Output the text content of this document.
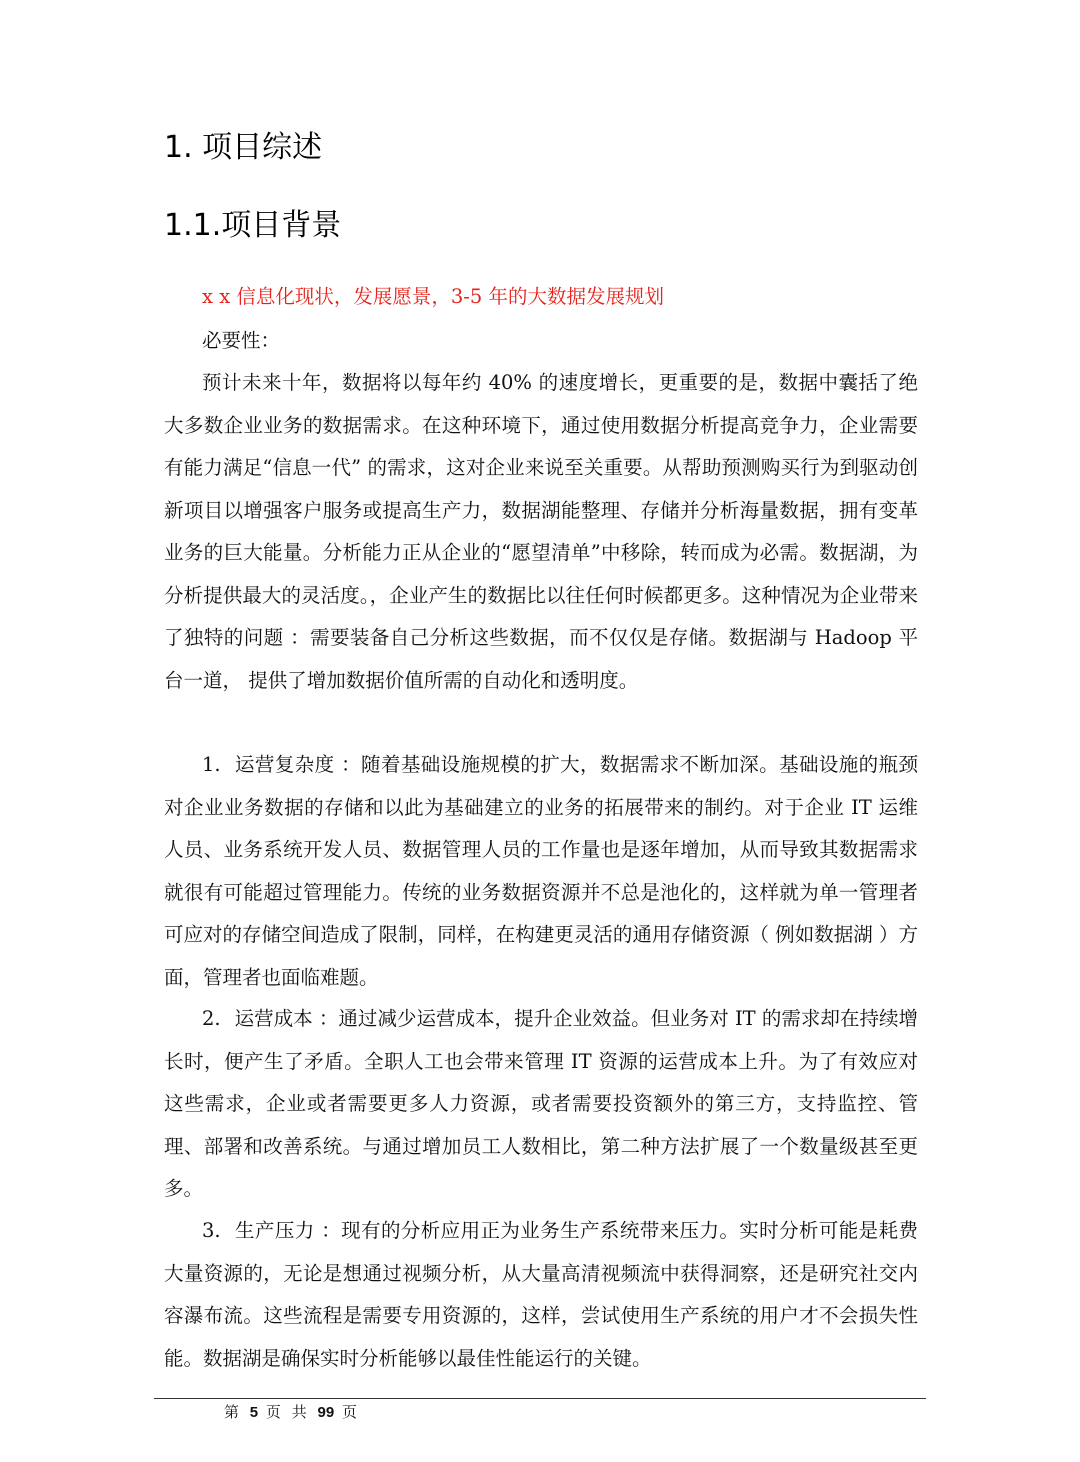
1. 项目综述
1.1.项目背景
x x 信息化现状，发展愿景，3-5 年的大数据发展规划
必要性：

预计未来十年，数据将以每年约 40% 的速度增长，更重要的是，数据中囊括了绝大多数企业业务的数据需求。在这种环境下，通过使用数据分析提高竞争力，企业需要有能力满足“信息一代” 的需求，这对企业来说至关重要。从帮助预测购买行为到驱动创新项目以增强客户服务或提高生产力，数据湖能整理、存储并分析海量数据，拥有变革业务的巨大能量。分析能力正从企业的“愿望清单”中移除，转而成为必需。数据湖，为分析提供最大的灵活度。，企业产生的数据比以往任何时候都更多。这种情况为企业带来了独特的问题 ：需要装备自己分析这些数据，而不仅仅是存储。数据湖与 Hadoop 平台一道， 提供了增加数据价值所需的自动化和透明度。

1. 运营复杂度 ：随着基础设施规模的扩大，数据需求不断加深。基础设施的瓶颈对企业业务数据的存储和以此为基础建立的业务的拓展带来的制约。对于企业 IT 运维人员、业务系统开发人员、数据管理人员的工作量也是逐年增加，从而导致其数据需求就很有可能超过管理能力。传统的业务数据资源并不总是池化的，这样就为单一管理者可应对的存储空间造成了限制，同样，在构建更灵活的通用存储资源（ 例如数据湖 ）方面，管理者也面临难题。

2. 运营成本 ：通过减少运营成本，提升企业效益。但业务对 IT 的需求却在持续增长时，便产生了矛盾。全职人工也会带来管理 IT 资源的运营成本上升。为了有效应对这些需求，企业或者需要更多人力资源，或者需要投资额外的第三方，支持监控、管理、部署和改善系统。与通过增加员工人数相比，第二种方法扩展了一个数量级甚至更多。

3. 生产压力 ：现有的分析应用正为业务生产系统带来压力。实时分析可能是耗费大量资源的，无论是想通过视频分析，从大量高清视频流中获得洞察，还是研究社交内容瀑布流。这些流程是需要专用资源的，这样，尝试使用生产系统的用户才不会损失性能。数据湖是确保实时分析能够以最佳性能运行的关键。

第 5 页 共 99 页
